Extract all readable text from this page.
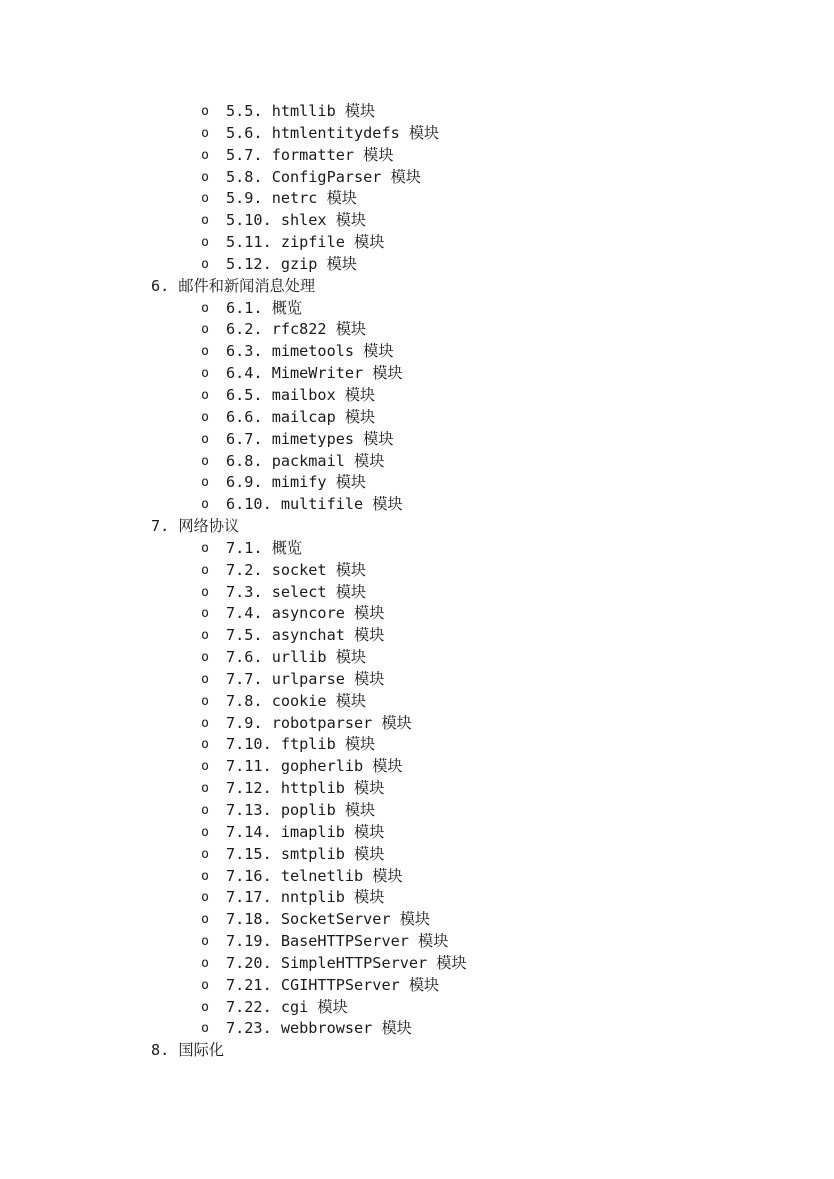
o 5.5. htmllib 模块
o 5.6. htmlentitydefs 模块
o 5.7. formatter 模块
o 5.8. ConfigParser 模块
o 5.9. netrc 模块
o 5.10. shlex 模块
o 5.11. zipfile 模块
o 5.12. gzip 模块
6. 邮件和新闻消息处理
o 6.1. 概览
o 6.2. rfc822 模块
o 6.3. mimetools 模块
o 6.4. MimeWriter 模块
o 6.5. mailbox 模块
o 6.6. mailcap 模块
o 6.7. mimetypes 模块
o 6.8. packmail 模块
o 6.9. mimify 模块
o 6.10. multifile 模块
7. 网络协议
o 7.1. 概览
o 7.2. socket 模块
o 7.3. select 模块
o 7.4. asyncore 模块
o 7.5. asynchat 模块
o 7.6. urllib 模块
o 7.7. urlparse 模块
o 7.8. cookie 模块
o 7.9. robotparser 模块
o 7.10. ftplib 模块
o 7.11. gopherlib 模块
o 7.12. httplib 模块
o 7.13. poplib 模块
o 7.14. imaplib 模块
o 7.15. smtplib 模块
o 7.16. telnetlib 模块
o 7.17. nntplib 模块
o 7.18. SocketServer 模块
o 7.19. BaseHTTPServer 模块
o 7.20. SimpleHTTPServer 模块
o 7.21. CGIHTTPServer 模块
o 7.22. cgi 模块
o 7.23. webbrowser 模块
8. 国际化
